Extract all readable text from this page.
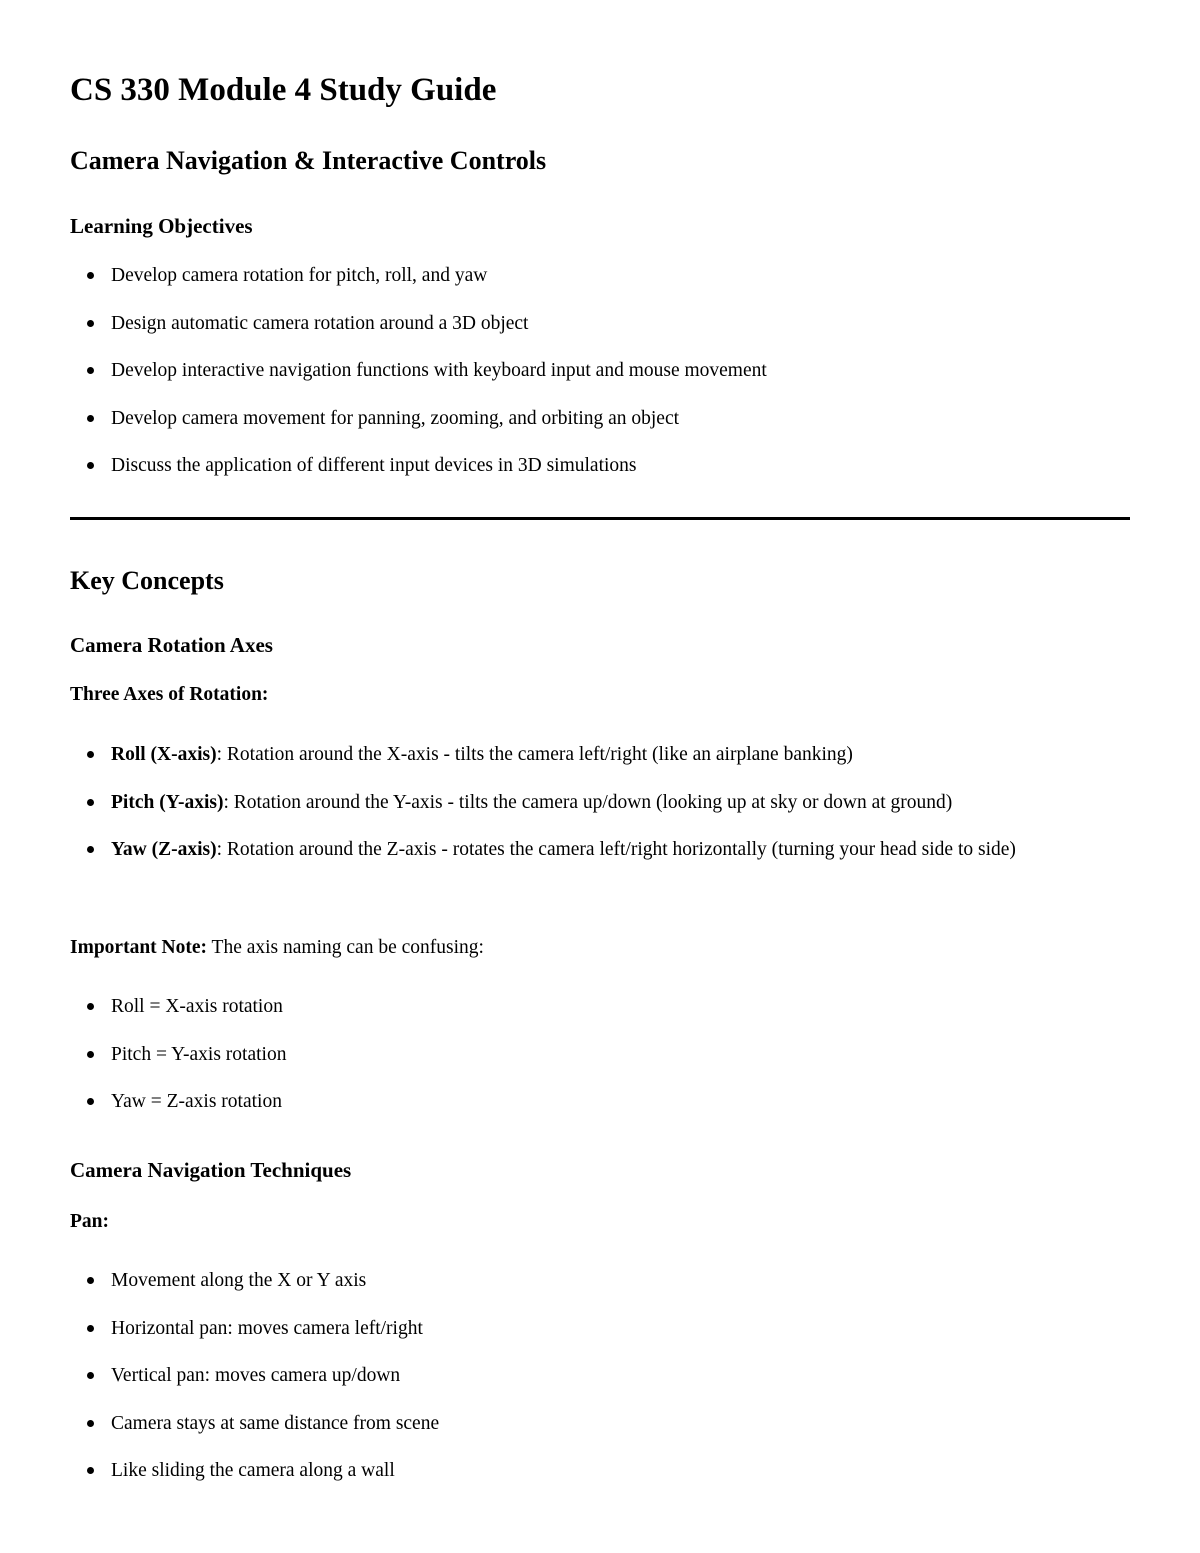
CS 330 Module 4 Study Guide
Camera Navigation & Interactive Controls
Learning Objectives
Develop camera rotation for pitch, roll, and yaw
Design automatic camera rotation around a 3D object
Develop interactive navigation functions with keyboard input and mouse movement
Develop camera movement for panning, zooming, and orbiting an object
Discuss the application of different input devices in 3D simulations
Key Concepts
Camera Rotation Axes
Three Axes of Rotation:
Roll (X-axis): Rotation around the X-axis - tilts the camera left/right (like an airplane banking)
Pitch (Y-axis): Rotation around the Y-axis - tilts the camera up/down (looking up at sky or down at ground)
Yaw (Z-axis): Rotation around the Z-axis - rotates the camera left/right horizontally (turning your head side to side)
Important Note: The axis naming can be confusing:
Roll = X-axis rotation
Pitch = Y-axis rotation
Yaw = Z-axis rotation
Camera Navigation Techniques
Pan:
Movement along the X or Y axis
Horizontal pan: moves camera left/right
Vertical pan: moves camera up/down
Camera stays at same distance from scene
Like sliding the camera along a wall
